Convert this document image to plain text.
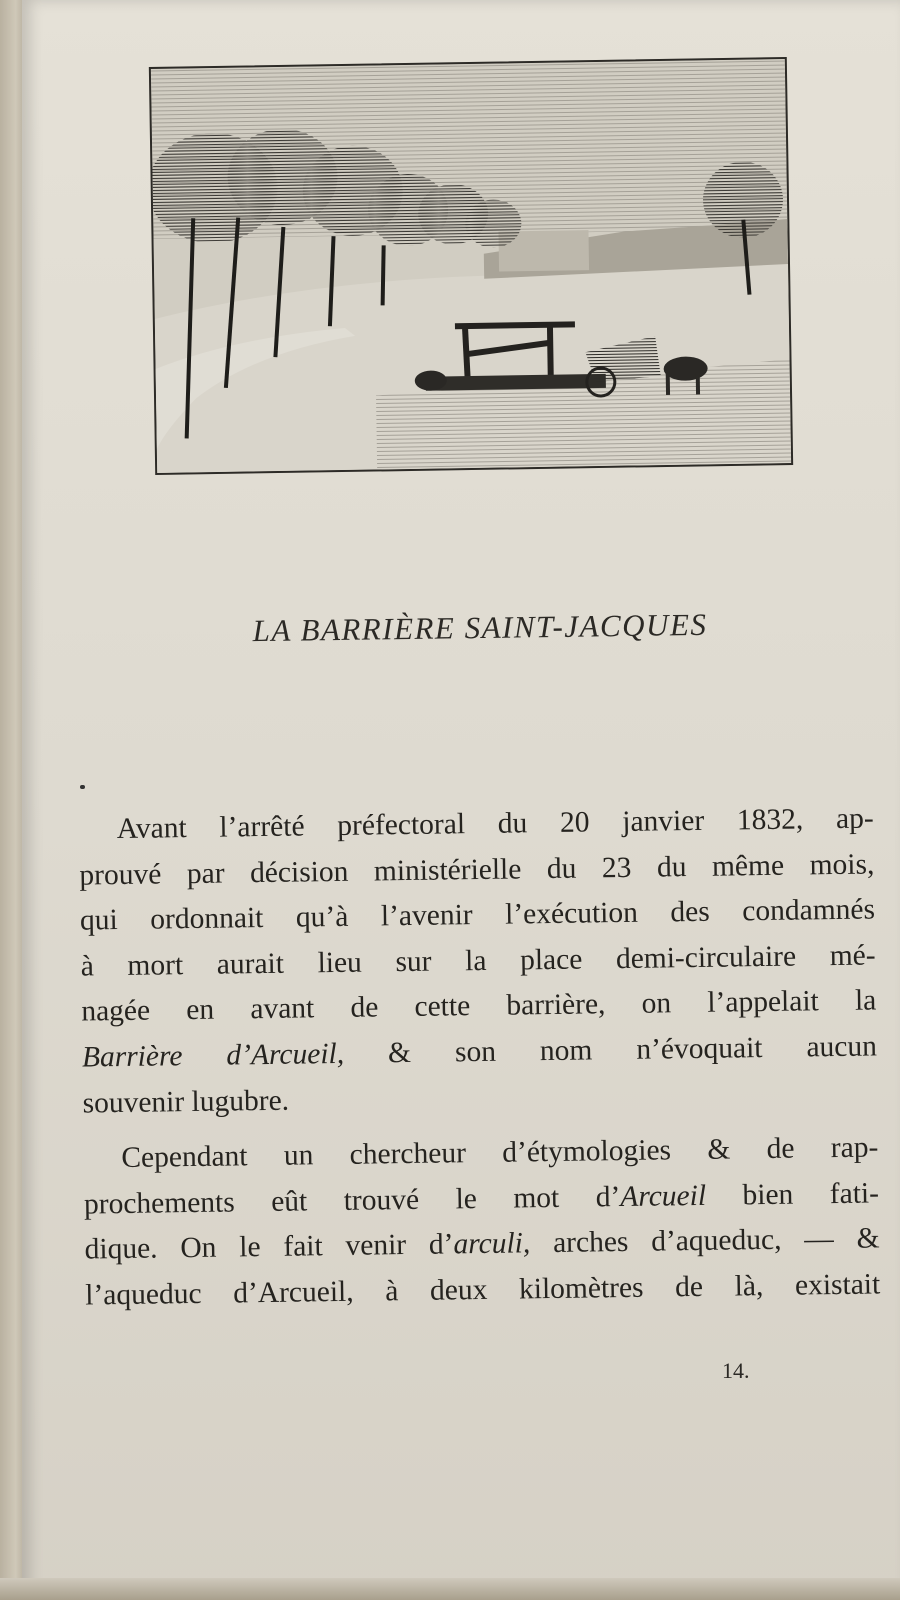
LA BARRIÈRE SAINT-JACQUES
Avant l’arrêté préfectoral du 20 janvier 1832, ap-
prouvé par décision ministérielle du 23 du même mois,
qui ordonnait qu’à l’avenir l’exécution des condamnés
à mort aurait lieu sur la place demi-circulaire mé-
nagée en avant de cette barrière, on l’appelait la
Barrière d’Arcueil, & son nom n’évoquait aucun
souvenir lugubre.
Cependant un chercheur d’étymologies & de rap-
prochements eût trouvé le mot d’Arcueil bien fati-
dique. On le fait venir d’arculi, arches d’aqueduc, — &
l’aqueduc d’Arcueil, à deux kilomètres de là, existait
14.
